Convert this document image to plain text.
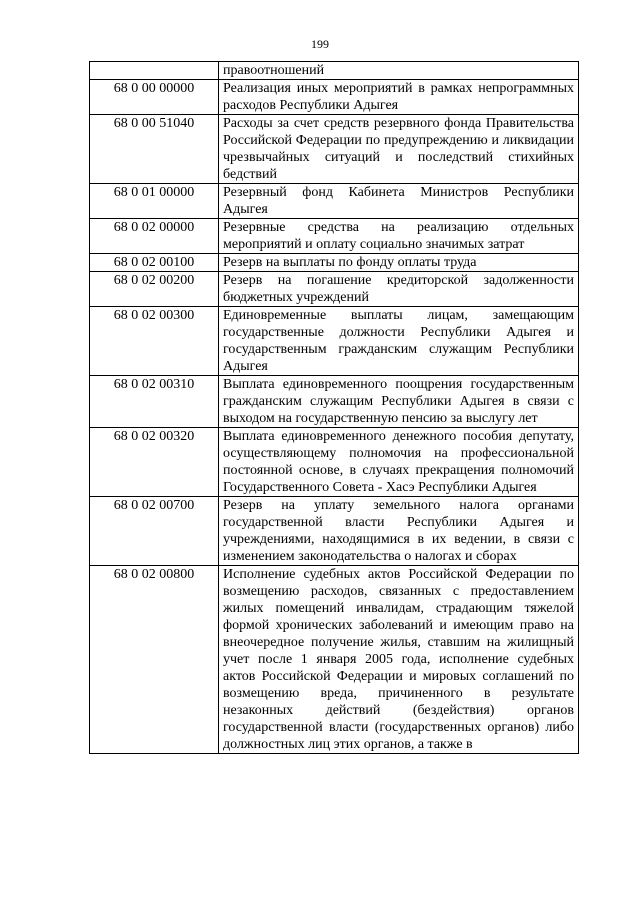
199
	правоотношений
68 0 00 00000	Реализация иных мероприятий в рамках непрограммных расходов Республики Адыгея
68 0 00 51040	Расходы за счет средств резервного фонда Правительства Российской Федерации по предупреждению и ликвидации чрезвычайных ситуаций и последствий стихийных бедствий
68 0 01 00000	Резервный фонд Кабинета Министров Республики Адыгея
68 0 02 00000	Резервные средства на реализацию отдельных мероприятий и оплату социально значимых затрат
68 0 02 00100	Резерв на выплаты по фонду оплаты труда
68 0 02 00200	Резерв на погашение кредиторской задолженности бюджетных учреждений
68 0 02 00300	Единовременные выплаты лицам, замещающим государственные должности Республики Адыгея и государственным гражданским служащим Республики Адыгея
68 0 02 00310	Выплата единовременного поощрения государственным гражданским служащим Республики Адыгея в связи с выходом на государственную пенсию за выслугу лет
68 0 02 00320	Выплата единовременного денежного пособия депутату, осуществляющему полномочия на профессиональной постоянной основе, в случаях прекращения полномочий Государственного Совета - Хасэ Республики Адыгея
68 0 02 00700	Резерв на уплату земельного налога органами государственной власти Республики Адыгея и учреждениями, находящимися в их ведении, в связи с изменением законодательства о налогах и сборах
68 0 02 00800	Исполнение судебных актов Российской Федерации по возмещению расходов, связанных с предоставлением жилых помещений инвалидам, страдающим тяжелой формой хронических заболеваний и имеющим право на внеочередное получение жилья, ставшим на жилищный учет после 1 января 2005 года, исполнение судебных актов Российской Федерации и мировых соглашений по возмещению вреда, причиненного в результате незаконных действий (бездействия) органов государственной власти (государственных органов) либо должностных лиц этих органов, а также в
